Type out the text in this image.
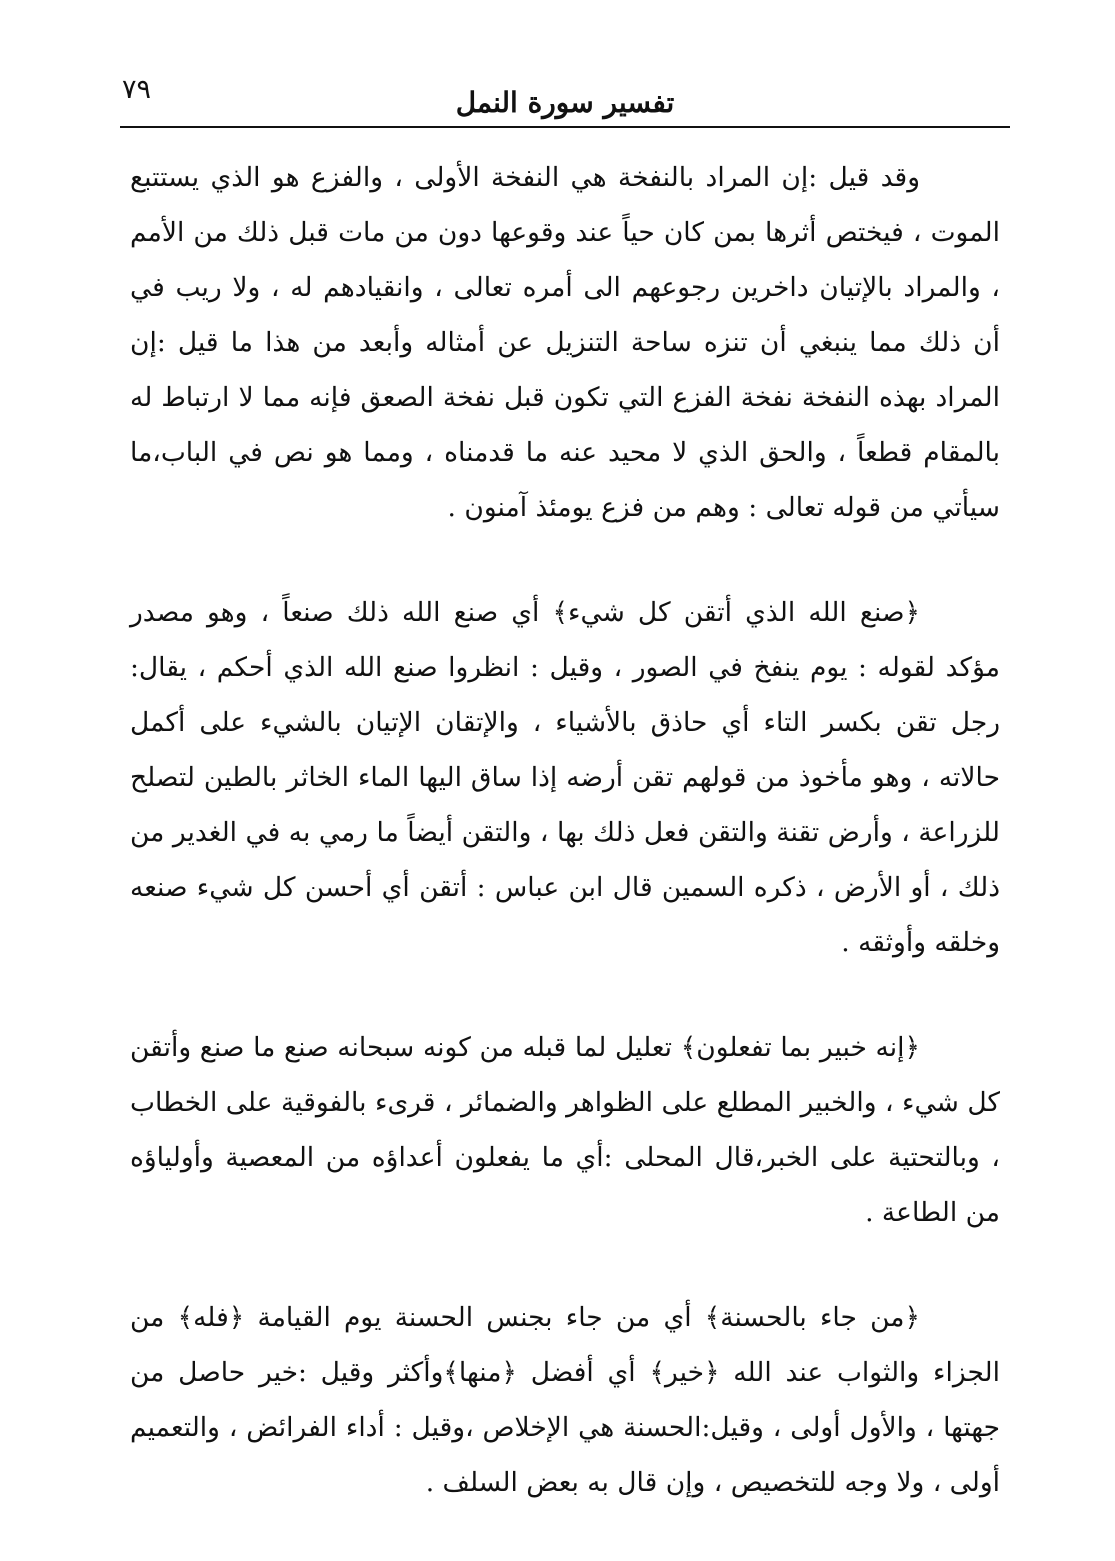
٧٩	تفسير سورة النمل

وقد قيل :إن المراد بالنفخة هي النفخة الأولى ، والفزع هو الذي يستتبع الموت ، فيختص أثرها بمن كان حياً عند وقوعها دون من مات قبل ذلك من الأمم ، والمراد بالإتيان داخرين رجوعهم الى أمره تعالى ، وانقيادهم له ، ولا ريب في أن ذلك مما ينبغي أن تنزه ساحة التنزيل عن أمثاله وأبعد من هذا ما قيل :إن المراد بهذه النفخة نفخة الفزع التي تكون قبل نفخة الصعق فإنه مما لا ارتباط له بالمقام قطعاً ، والحق الذي لا محيد عنه ما قدمناه ، ومما هو نص في الباب،ما سيأتي من قوله تعالى : وهم من فزع يومئذ آمنون .

﴿صنع الله الذي أتقن كل شيء﴾ أي صنع الله ذلك صنعاً ، وهو مصدر مؤكد لقوله : يوم ينفخ في الصور ، وقيل : انظروا صنع الله الذي أحكم ، يقال: رجل تقن بكسر التاء أي حاذق بالأشياء ، والإتقان الإتيان بالشيء على أكمل حالاته ، وهو مأخوذ من قولهم تقن أرضه إذا ساق اليها الماء الخاثر بالطين لتصلح للزراعة ، وأرض تقنة والتقن فعل ذلك بها ، والتقن أيضاً ما رمي به في الغدير من ذلك ، أو الأرض ، ذكره السمين قال ابن عباس : أتقن أي أحسن كل شيء صنعه وخلقه وأوثقه .

﴿إنه خبير بما تفعلون﴾ تعليل لما قبله من كونه سبحانه صنع ما صنع وأتقن كل شيء ، والخبير المطلع على الظواهر والضمائر ، قرىء بالفوقية على الخطاب ، وبالتحتية على الخبر،قال المحلى :أي ما يفعلون أعداؤه من المعصية وأولياؤه من الطاعة .

﴿من جاء بالحسنة﴾ أي من جاء بجنس الحسنة يوم القيامة ﴿فله﴾ من الجزاء والثواب عند الله ﴿خير﴾ أي أفضل ﴿منها﴾وأكثر وقيل :خير حاصل من جهتها ، والأول أولى ، وقيل:الحسنة هي الإخلاص ،وقيل : أداء الفرائض ، والتعميم أولى ، ولا وجه للتخصيص ، وإن قال به بعض السلف .
